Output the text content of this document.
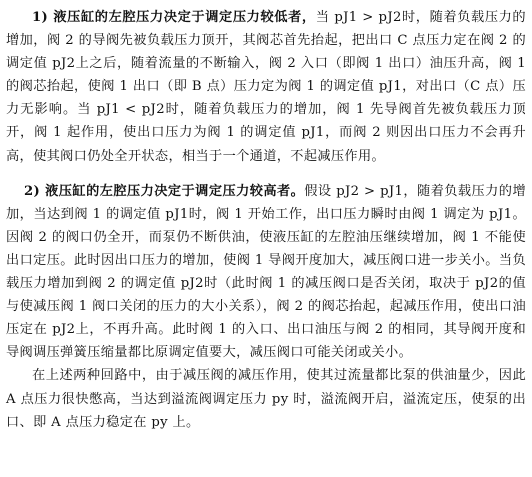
1) 液压缸的左腔压力决定于调定压力较低者，当 pJ1 > pJ2时，随着负载压力的增加，阀 2 的导阀先被负载压力顶开，其阀芯首先抬起，把出口 C 点压力定在阀 2 的调定值 pJ2上之后，随着流量的不断输入，阀 2 入口（即阀 1 出口）油压升高，阀 1 的阀芯抬起，使阀 1 出口（即 B 点）压力定为阀 1 的调定值 pJ1，对出口（C 点）压力无影响。当 pJ1 < pJ2时，随着负载压力的增加，阀 1 先导阀首先被负载压力顶开，阀 1 起作用，使出口压力为阀 1 的调定值 pJ1，而阀 2 则因出口压力不会再升高，使其阀口仍处全开状态，相当于一个通道，不起减压作用。

2) 液压缸的左腔压力决定于调定压力较高者。假设 pJ2 > pJ1，随着负载压力的增加，当达到阀 1 的调定值 pJ1时，阀 1 开始工作，出口压力瞬时由阀 1 调定为 pJ1。因阀 2 的阀口仍全开，而泵仍不断供油，使液压缸的左腔油压继续增加，阀 1 不能使出口定压。此时因出口压力的增加，使阀 1 导阀开度加大，减压阀口进一步关小。当负载压力增加到阀 2 的调定值 pJ2时（此时阀 1 的减压阀口是否关闭，取决于 pJ2的值与使减压阀 1 阀口关闭的压力的大小关系），阀 2 的阀芯抬起，起减压作用，使出口油压定在 pJ2上，不再升高。此时阀 1 的入口、出口油压与阀 2 的相同，其导阀开度和导阀调压弹簧压缩量都比原调定值要大，减压阀口可能关闭或关小。

在上述两种回路中，由于减压阀的减压作用，使其过流量都比泵的供油量少，因此 A 点压力很快憋高，当达到溢流阀调定压力 py 时，溢流阀开启，溢流定压，使泵的出口、即 A 点压力稳定在 py 上。
